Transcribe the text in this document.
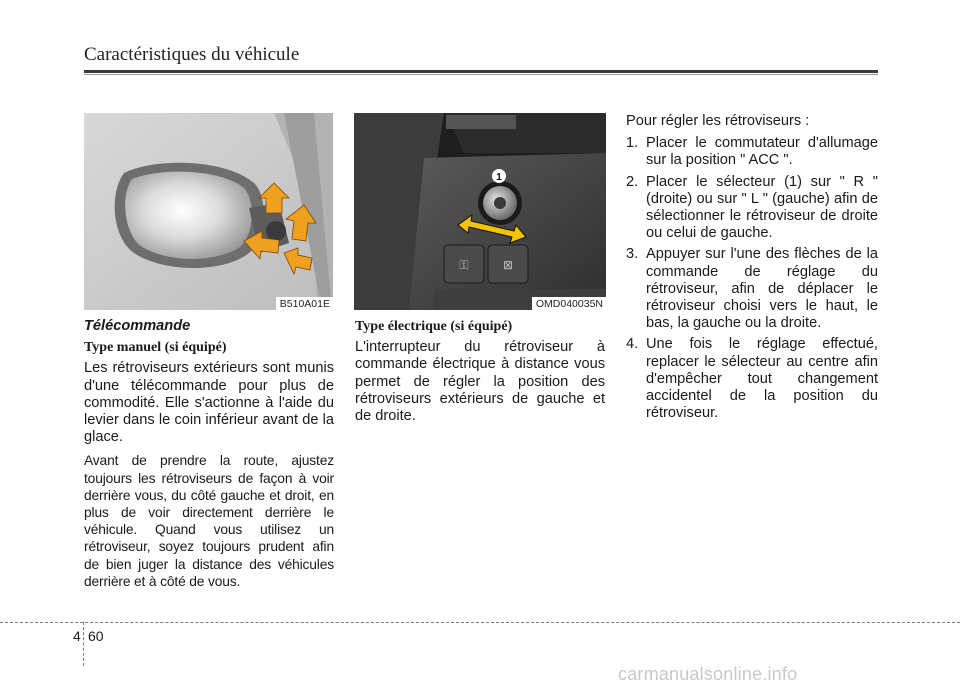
Caractéristiques du véhicule
B510A01E
1
⚿	⊠
OMD040035N
Télécommande
Type manuel (si équipé)

Les rétroviseurs extérieurs sont munis d'une télécommande pour plus de commodité. Elle s'actionne à l'aide du levier dans le coin inférieur avant de la glace.

Avant de prendre la route, ajustez toujours les rétroviseurs de façon à voir derrière vous, du côté gauche et droit, en plus de voir directement derrière le véhicule. Quand vous utilisez un rétroviseur, soyez toujours prudent afin de bien juger la distance des véhicules derrière et à côté de vous.

Type électrique (si équipé)

L'interrupteur du rétroviseur à commande électrique à distance vous permet de régler la position des rétroviseurs extérieurs de gauche et de droite.

Pour régler les rétroviseurs :

1. Placer le commutateur d'allumage sur la position " ACC ".
2. Placer le sélecteur (1) sur " R " (droite) ou sur " L " (gauche) afin de sélectionner le rétroviseur de droite ou celui de gauche.
3. Appuyer sur l'une des flèches de la commande de réglage du rétroviseur, afin de déplacer le rétroviseur choisi vers le haut, le bas, la gauche ou la droite.
4. Une fois le réglage effectué, replacer le sélecteur au centre afin d'empêcher tout changement accidentel de la position du rétroviseur.
4 60
carmanualsonline.info
